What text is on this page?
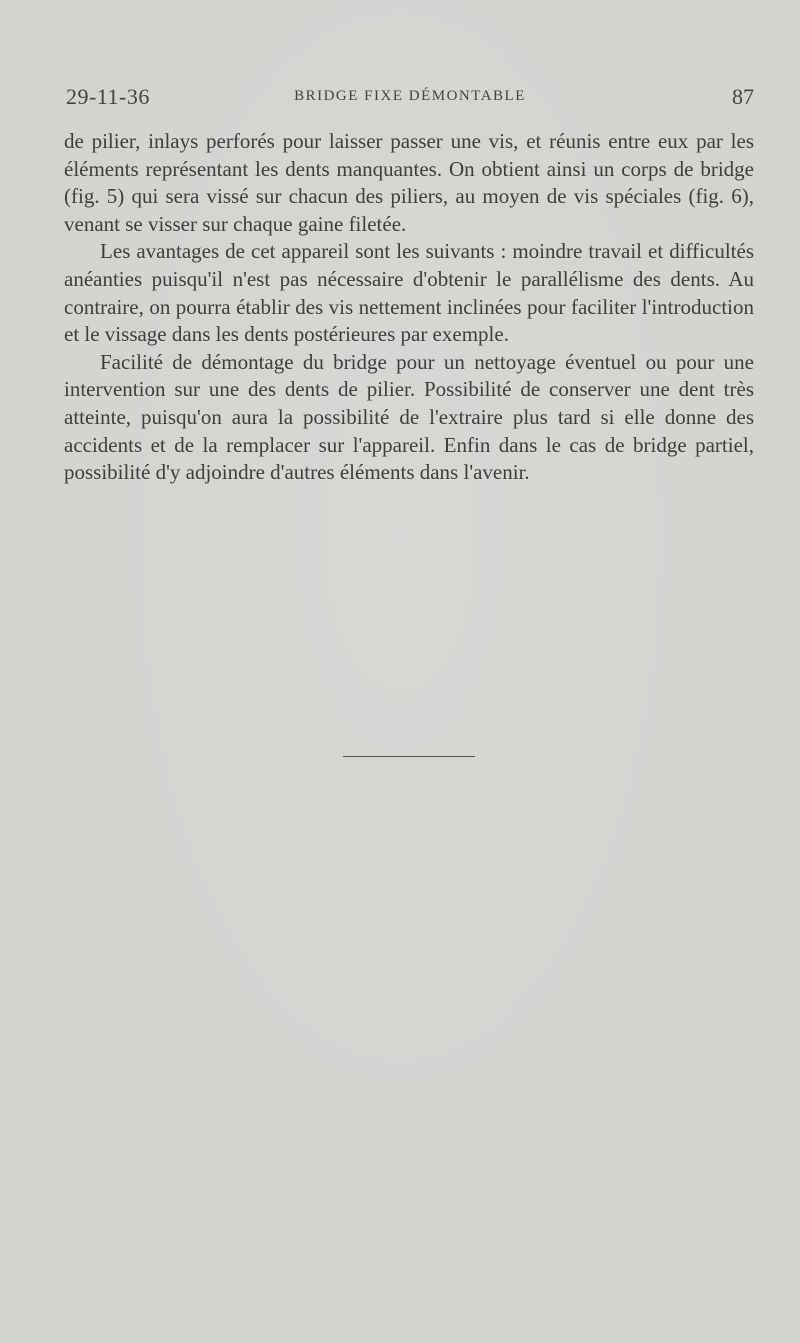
29-11-36	BRIDGE FIXE DÉMONTABLE	87

de pilier, inlays perforés pour laisser passer une vis, et réunis entre eux par les éléments représentant les dents manquantes. On obtient ainsi un corps de bridge (fig. 5) qui sera vissé sur chacun des piliers, au moyen de vis spéciales (fig. 6), venant se visser sur chaque gaine filetée.

Les avantages de cet appareil sont les suivants : moindre travail et difficultés anéanties puisqu'il n'est pas nécessaire d'obtenir le parallélisme des dents. Au contraire, on pourra établir des vis nettement inclinées pour faciliter l'introduction et le vissage dans les dents postérieures par exemple.

Facilité de démontage du bridge pour un nettoyage éventuel ou pour une intervention sur une des dents de pilier. Possibilité de conserver une dent très atteinte, puisqu'on aura la possibilité de l'extraire plus tard si elle donne des accidents et de la remplacer sur l'appareil. Enfin dans le cas de bridge partiel, possibilité d'y adjoindre d'autres éléments dans l'avenir.
